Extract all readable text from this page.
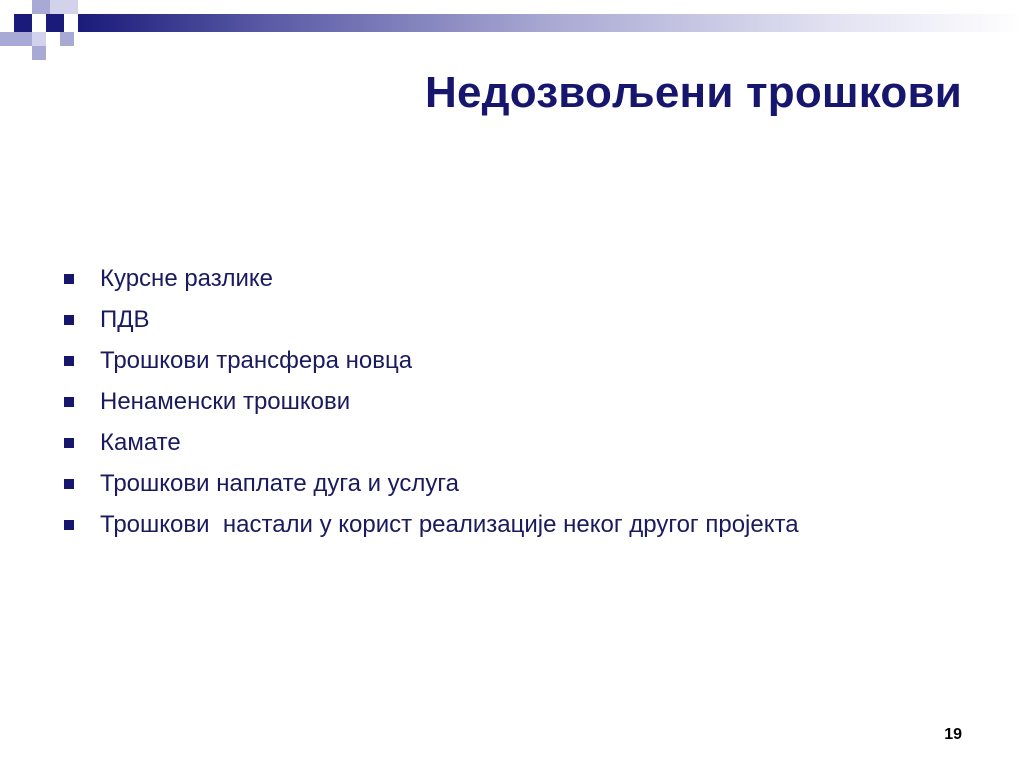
Недозвољени трошкови
Курсне разлике
ПДВ
Трошкови трансфера новца
Ненаменски трошкови
Камате
Трошкови наплате дуга и услуга
Трошкови  настали у корист реализације неког другог пројекта
19
